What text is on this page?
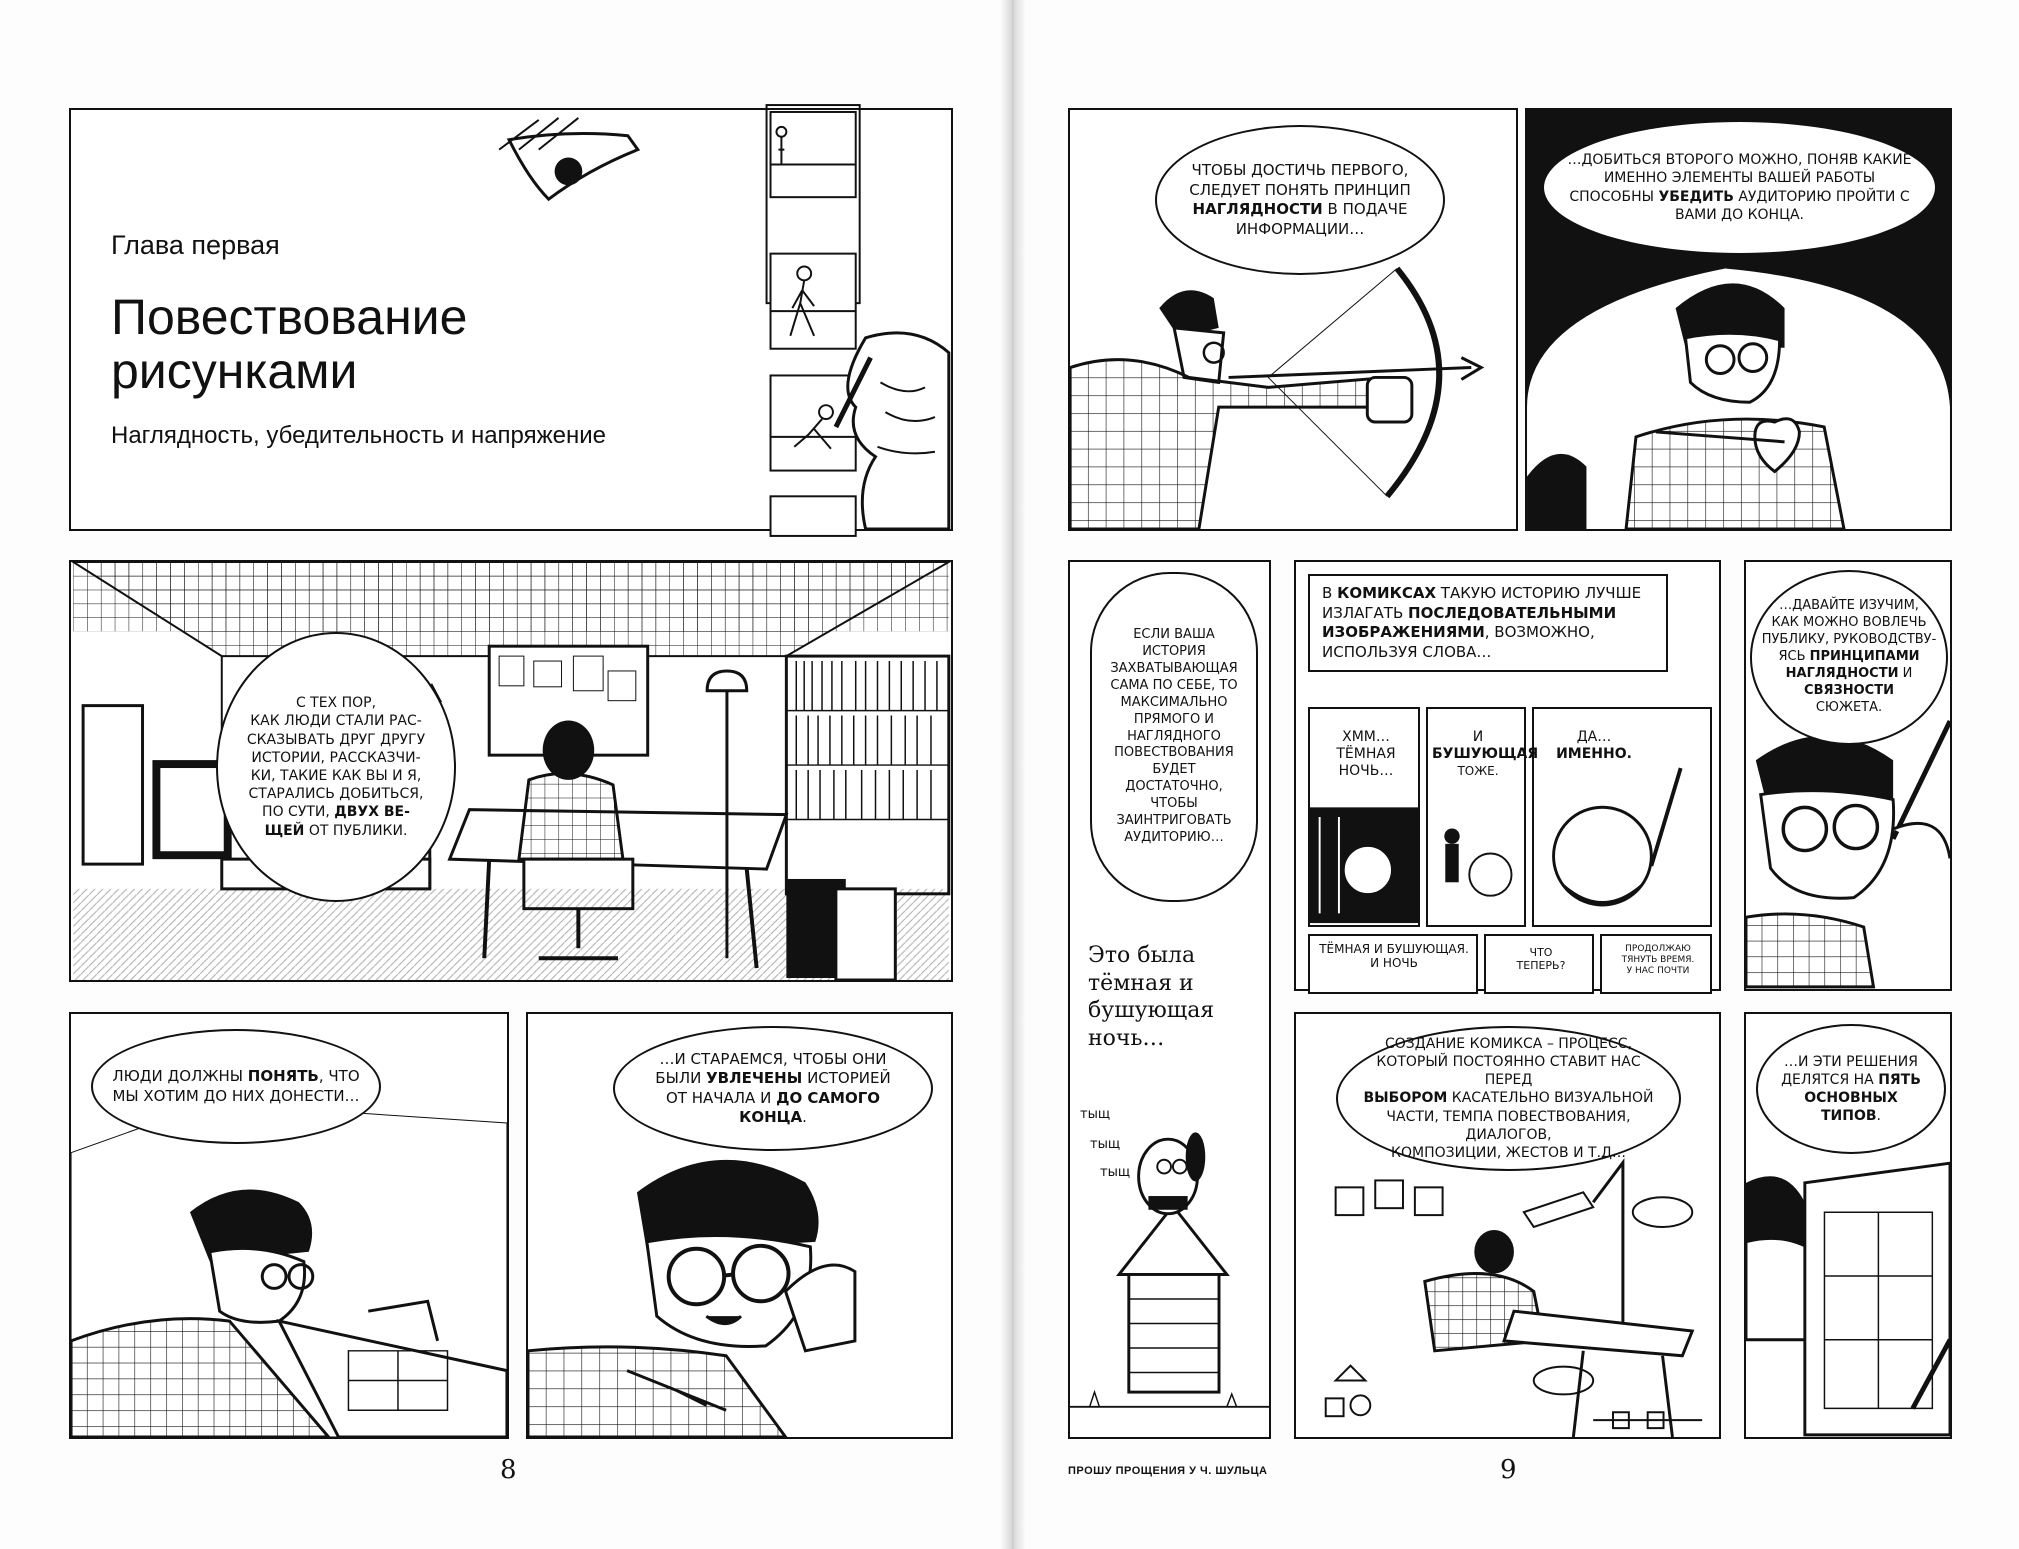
Глава первая
Повествование рисунками
Наглядность, убедительность и напряжение
С ТЕХ ПОР,
КАК ЛЮДИ СТАЛИ РАС-
СКАЗЫВАТЬ ДРУГ ДРУГУ
ИСТОРИИ, РАССКАЗЧИ-
КИ, ТАКИЕ КАК ВЫ И Я,
СТАРАЛИСЬ ДОБИТЬСЯ,
ПО СУТИ, ДВУХ ВЕ-
ЩЕЙ ОТ ПУБЛИКИ.
ЛЮДИ ДОЛЖНЫ ПОНЯТЬ, ЧТО
МЫ ХОТИМ ДО НИХ ДОНЕСТИ…
…И СТАРАЕМСЯ, ЧТОБЫ ОНИ
БЫЛИ УВЛЕЧЕНЫ ИСТОРИЕЙ
ОТ НАЧАЛА И ДО САМОГО
КОНЦА.
8
ЧТОБЫ ДОСТИЧЬ ПЕРВОГО,
СЛЕДУЕТ ПОНЯТЬ ПРИНЦИП
НАГЛЯДНОСТИ В ПОДАЧЕ
ИНФОРМАЦИИ…
…ДОБИТЬСЯ ВТОРОГО МОЖНО, ПОНЯВ КАКИЕ
ИМЕННО ЭЛЕМЕНТЫ ВАШЕЙ РАБОТЫ
СПОСОБНЫ УБЕДИТЬ АУДИТОРИЮ ПРОЙТИ С
ВАМИ ДО КОНЦА.
ЕСЛИ ВАША
ИСТОРИЯ
ЗАХВАТЫВАЮЩАЯ
САМА ПО СЕБЕ, ТО
МАКСИМАЛЬНО
ПРЯМОГО И
НАГЛЯДНОГО
ПОВЕСТВОВАНИЯ
БУДЕТ
ДОСТАТОЧНО,
ЧТОБЫ
ЗАИНТРИГОВАТЬ
АУДИТОРИЮ…
Это была
тёмная и
бушующая
ночь…
тыщ
тыщ
тыщ
В КОМИКСАХ ТАКУЮ ИСТОРИЮ ЛУЧШЕ ИЗЛАГАТЬ ПОСЛЕДОВАТЕЛЬНЫМИ ИЗОБРАЖЕНИЯМИ, ВОЗМОЖНО, ИСПОЛЬЗУЯ СЛОВА…
ХММ…
ТЁМНАЯ
НОЧЬ…
И
БУШУЮЩАЯ
ТОЖЕ.
ДА…
ИМЕННО.
ТЁМНАЯ И БУШУЮЩАЯ.
И НОЧЬ
ЧТО
ТЕПЕРЬ?
ПРОДОЛЖАЮ
ТЯНУТЬ ВРЕМЯ.
У НАС ПОЧТИ
…ДАВАЙТЕ ИЗУЧИМ,
КАК МОЖНО ВОВЛЕЧЬ
ПУБЛИКУ, РУКОВОДСТВУ-
ЯСЬ ПРИНЦИПАМИ
НАГЛЯДНОСТИ И
СВЯЗНОСТИ
СЮЖЕТА.
СОЗДАНИЕ КОМИКСА – ПРОЦЕСС,
КОТОРЫЙ ПОСТОЯННО СТАВИТ НАС ПЕРЕД
ВЫБОРОМ КАСАТЕЛЬНО ВИЗУАЛЬНОЙ
ЧАСТИ, ТЕМПА ПОВЕСТВОВАНИЯ, ДИАЛОГОВ,
КОМПОЗИЦИИ, ЖЕСТОВ И Т.Д…
…И ЭТИ РЕШЕНИЯ
ДЕЛЯТСЯ НА ПЯТЬ
ОСНОВНЫХ
ТИПОВ.
ПРОШУ ПРОЩЕНИЯ У Ч. ШУЛЬЦА	9
